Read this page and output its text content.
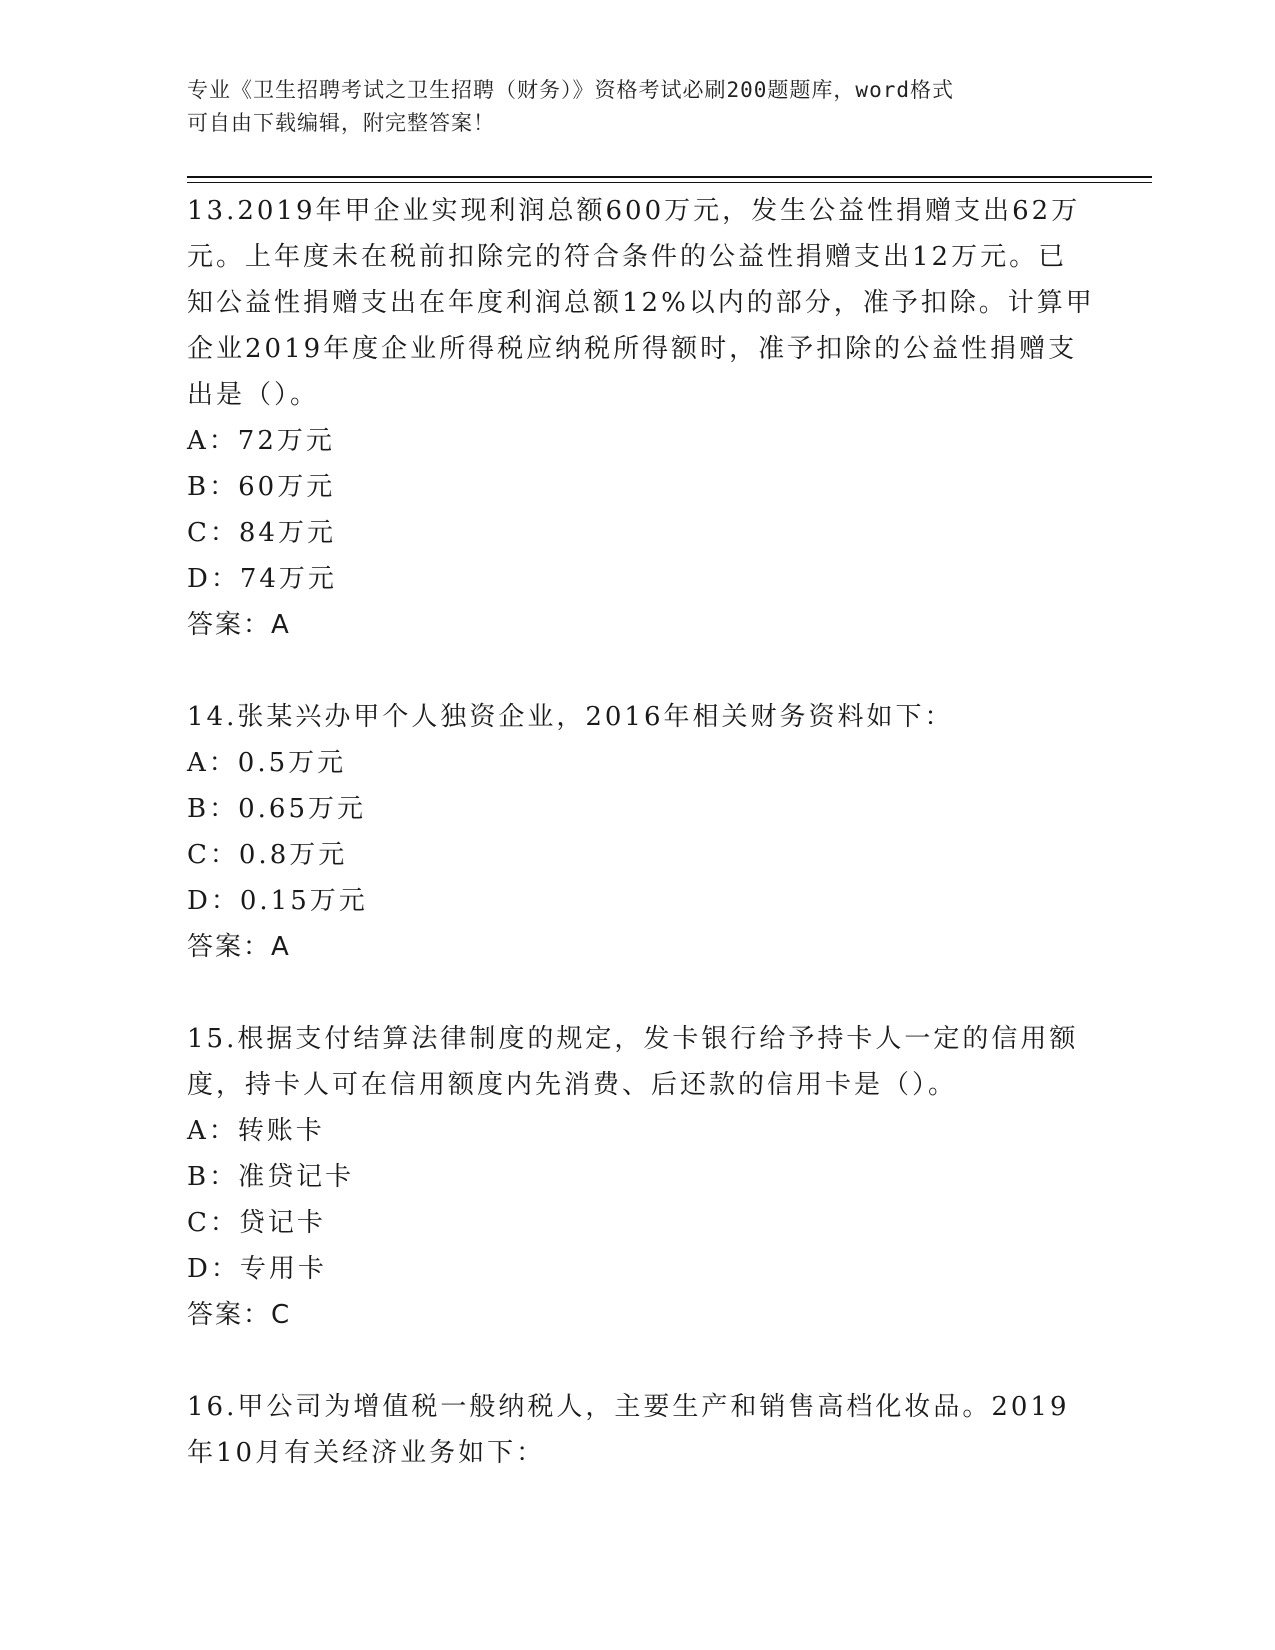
专业《卫生招聘考试之卫生招聘（财务）》资格考试必刷200题题库，word格式
可自由下载编辑，附完整答案！
13.2019年甲企业实现利润总额600万元，发生公益性捐赠支出62万
元。上年度未在税前扣除完的符合条件的公益性捐赠支出12万元。已
知公益性捐赠支出在年度利润总额12%以内的部分，准予扣除。计算甲
企业2019年度企业所得税应纳税所得额时，准予扣除的公益性捐赠支
出是（）。
A：72万元
B：60万元
C：84万元
D：74万元
答案：A
14.张某兴办甲个人独资企业，2016年相关财务资料如下：
A：0.5万元
B：0.65万元
C：0.8万元
D：0.15万元
答案：A
15.根据支付结算法律制度的规定，发卡银行给予持卡人一定的信用额
度，持卡人可在信用额度内先消费、后还款的信用卡是（）。
A：转账卡
B：准贷记卡
C：贷记卡
D：专用卡
答案：C
16.甲公司为增值税一般纳税人，主要生产和销售高档化妆品。2019
年10月有关经济业务如下：
